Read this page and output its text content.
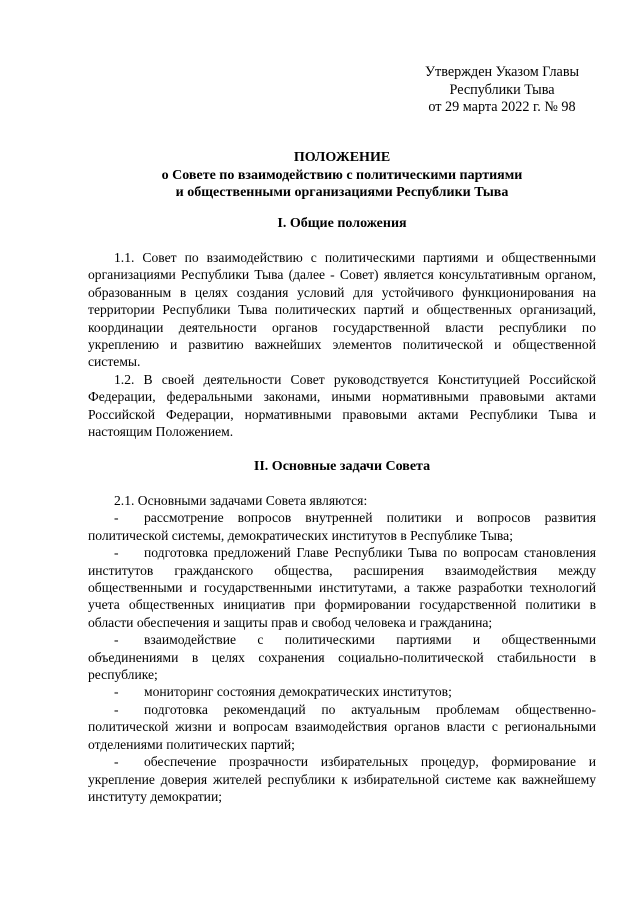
Утвержден Указом Главы
Республики Тыва
от 29 марта 2022 г. № 98
ПОЛОЖЕНИЕ
о Совете по взаимодействию с политическими партиями
и общественными организациями Республики Тыва
I. Общие положения

1.1. Совет по взаимодействию с политическими партиями и общественными организациями Республики Тыва (далее - Совет) является консультативным органом, образованным в целях создания условий для устойчивого функционирования на территории Республики Тыва политических партий и общественных организаций, координации деятельности органов государственной власти республики по укреплению и развитию важнейших элементов политической и общественной системы.

1.2. В своей деятельности Совет руководствуется Конституцией Российской Федерации, федеральными законами, иными нормативными правовыми актами Российской Федерации, нормативными правовыми актами Республики Тыва и настоящим Положением.

II. Основные задачи Совета

2.1. Основными задачами Совета являются:

- рассмотрение вопросов внутренней политики и вопросов развития политической системы, демократических институтов в Республике Тыва;

- подготовка предложений Главе Республики Тыва по вопросам становления институтов гражданского общества, расширения взаимодействия между общественными и государственными институтами, а также разработки технологий учета общественных инициатив при формировании государственной политики в области обеспечения и защиты прав и свобод человека и гражданина;

- взаимодействие с политическими партиями и общественными объединениями в целях сохранения социально-политической стабильности в республике;

- мониторинг состояния демократических институтов;

- подготовка рекомендаций по актуальным проблемам общественно-политической жизни и вопросам взаимодействия органов власти с региональными отделениями политических партий;

- обеспечение прозрачности избирательных процедур, формирование и укрепление доверия жителей республики к избирательной системе как важнейшему институту демократии;
